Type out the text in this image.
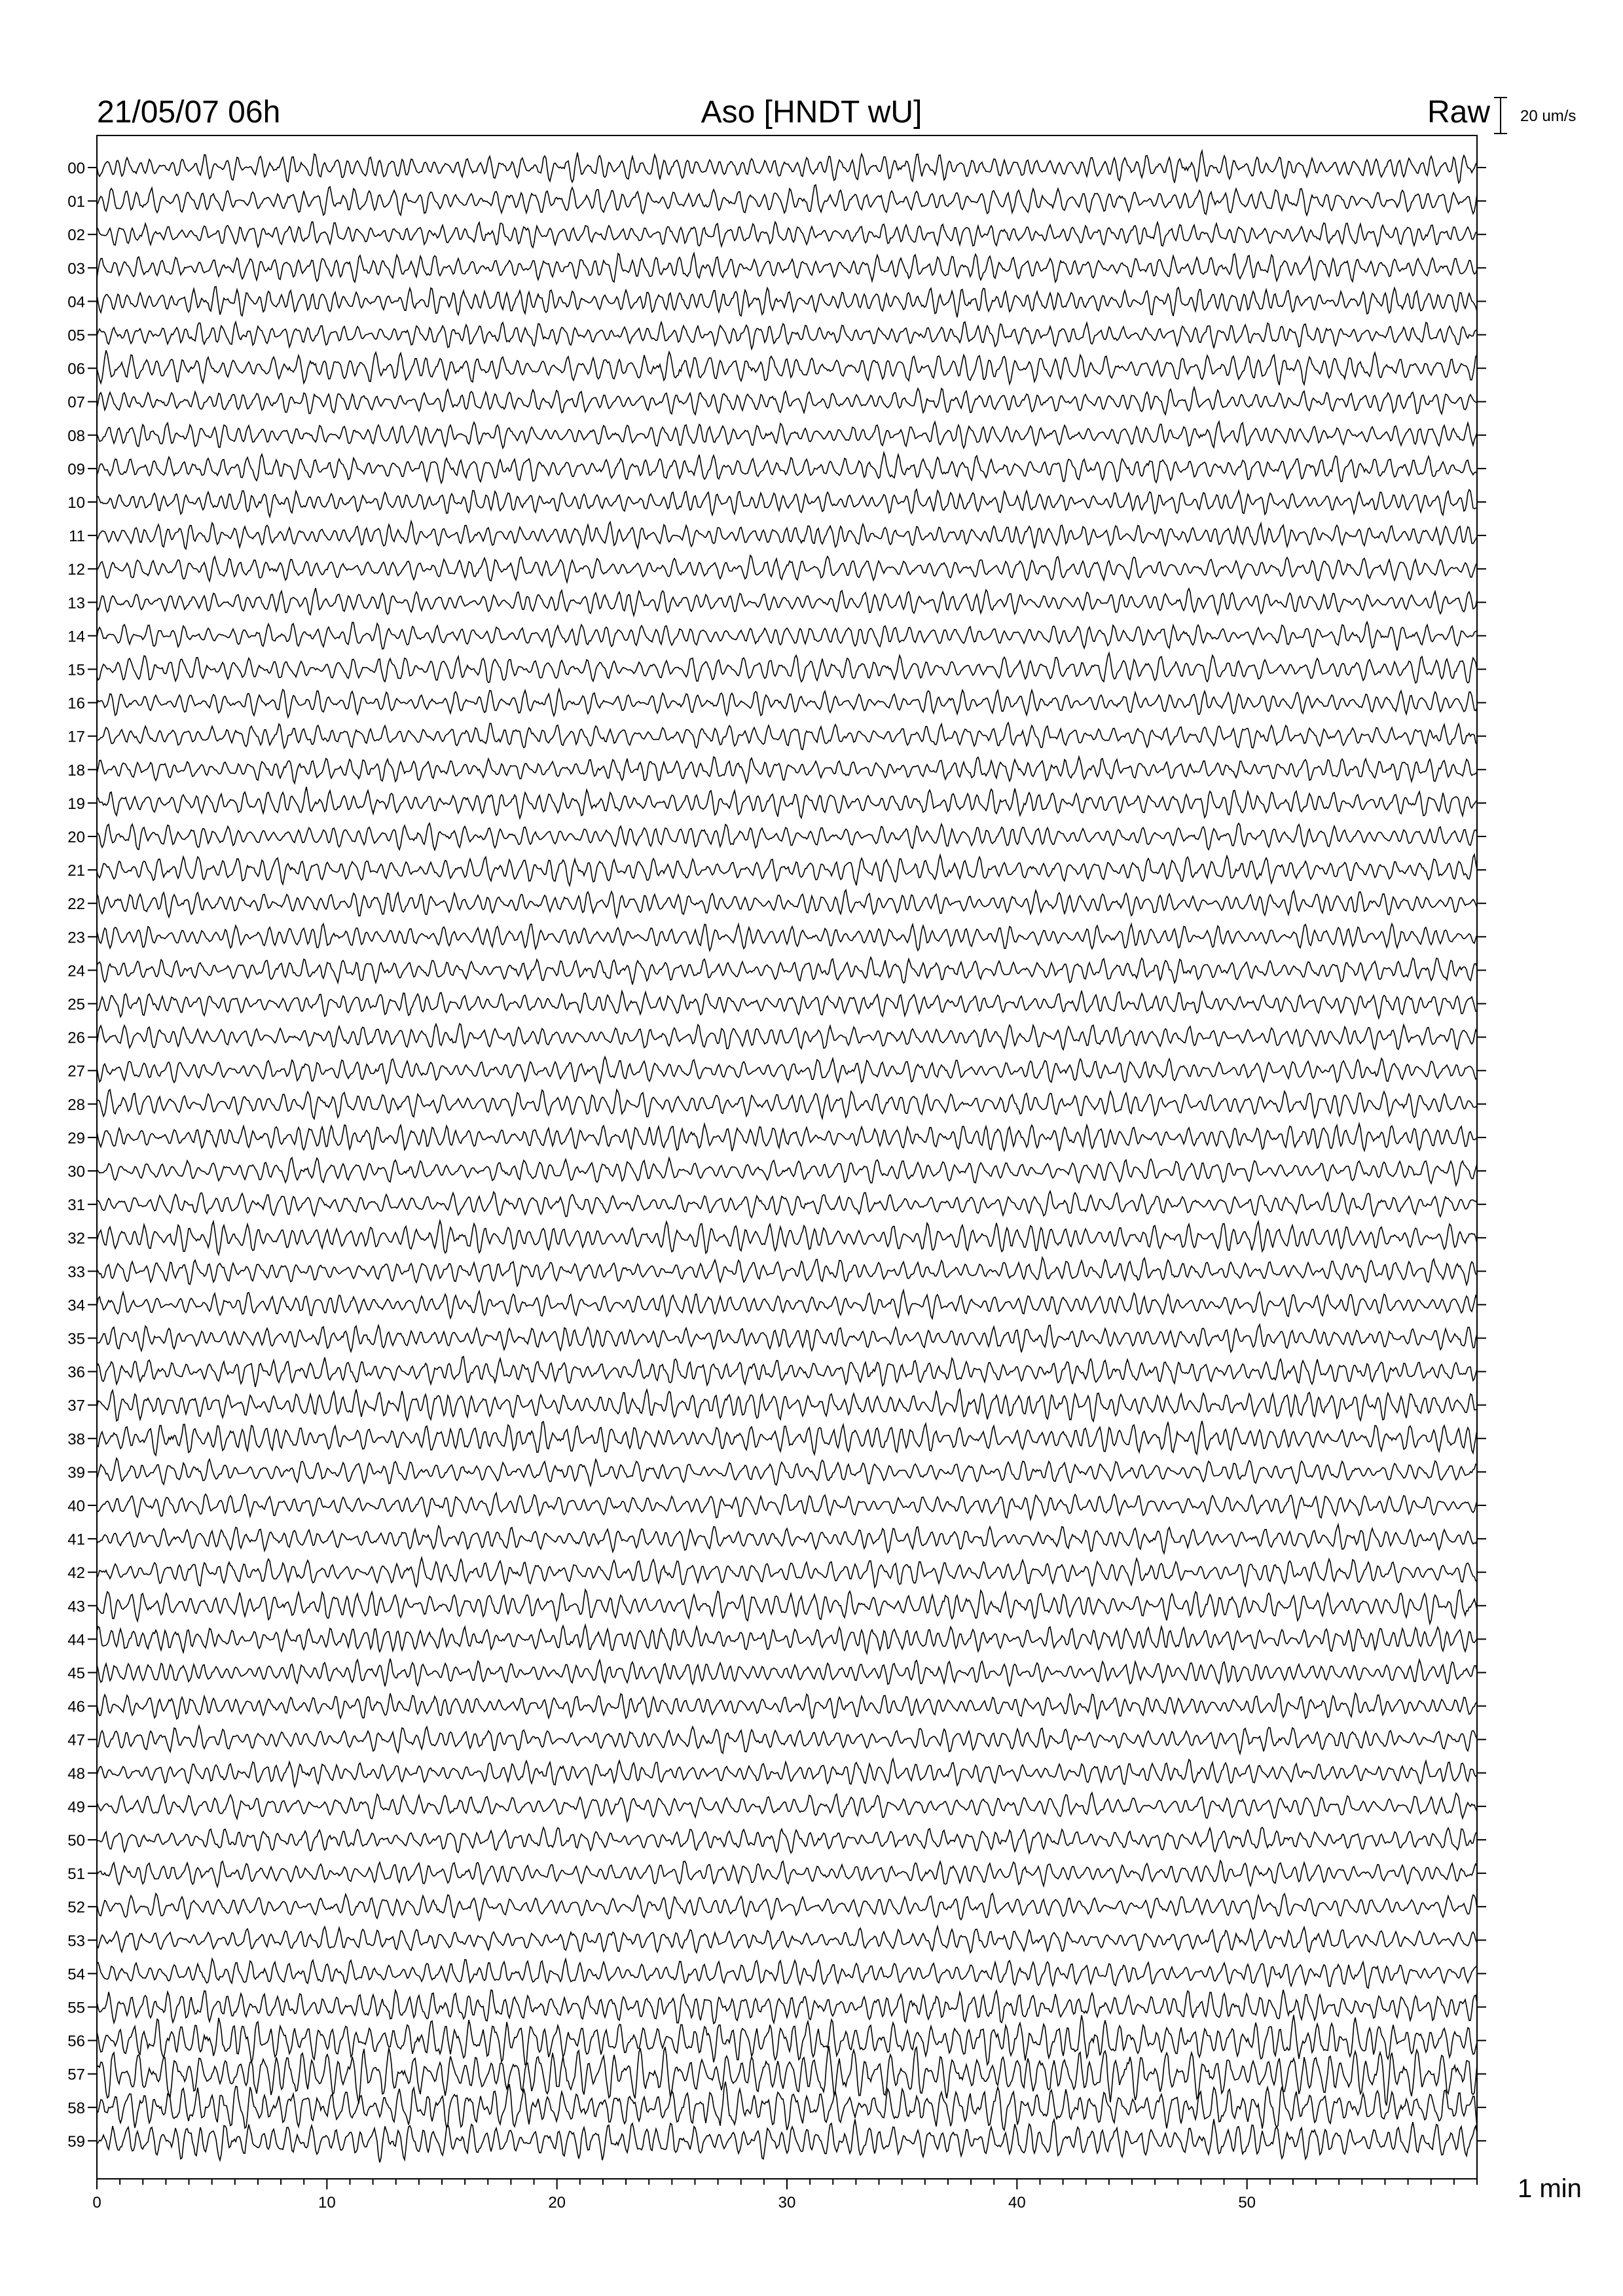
00
01
02
03
04
05
06
07
08
09
10
11
12
13
14
15
16
17
18
19
20
21
22
23
24
25
26
27
28
29
30
31
32
33
34
35
36
37
38
39
40
41
42
43
44
45
46
47
48
49
50
51
52
53
54
55
56
57
58
59
0	10	20	30	40	50
21/05/07 06h	Aso [HNDT wU]	Raw 20 um/s
1 min
